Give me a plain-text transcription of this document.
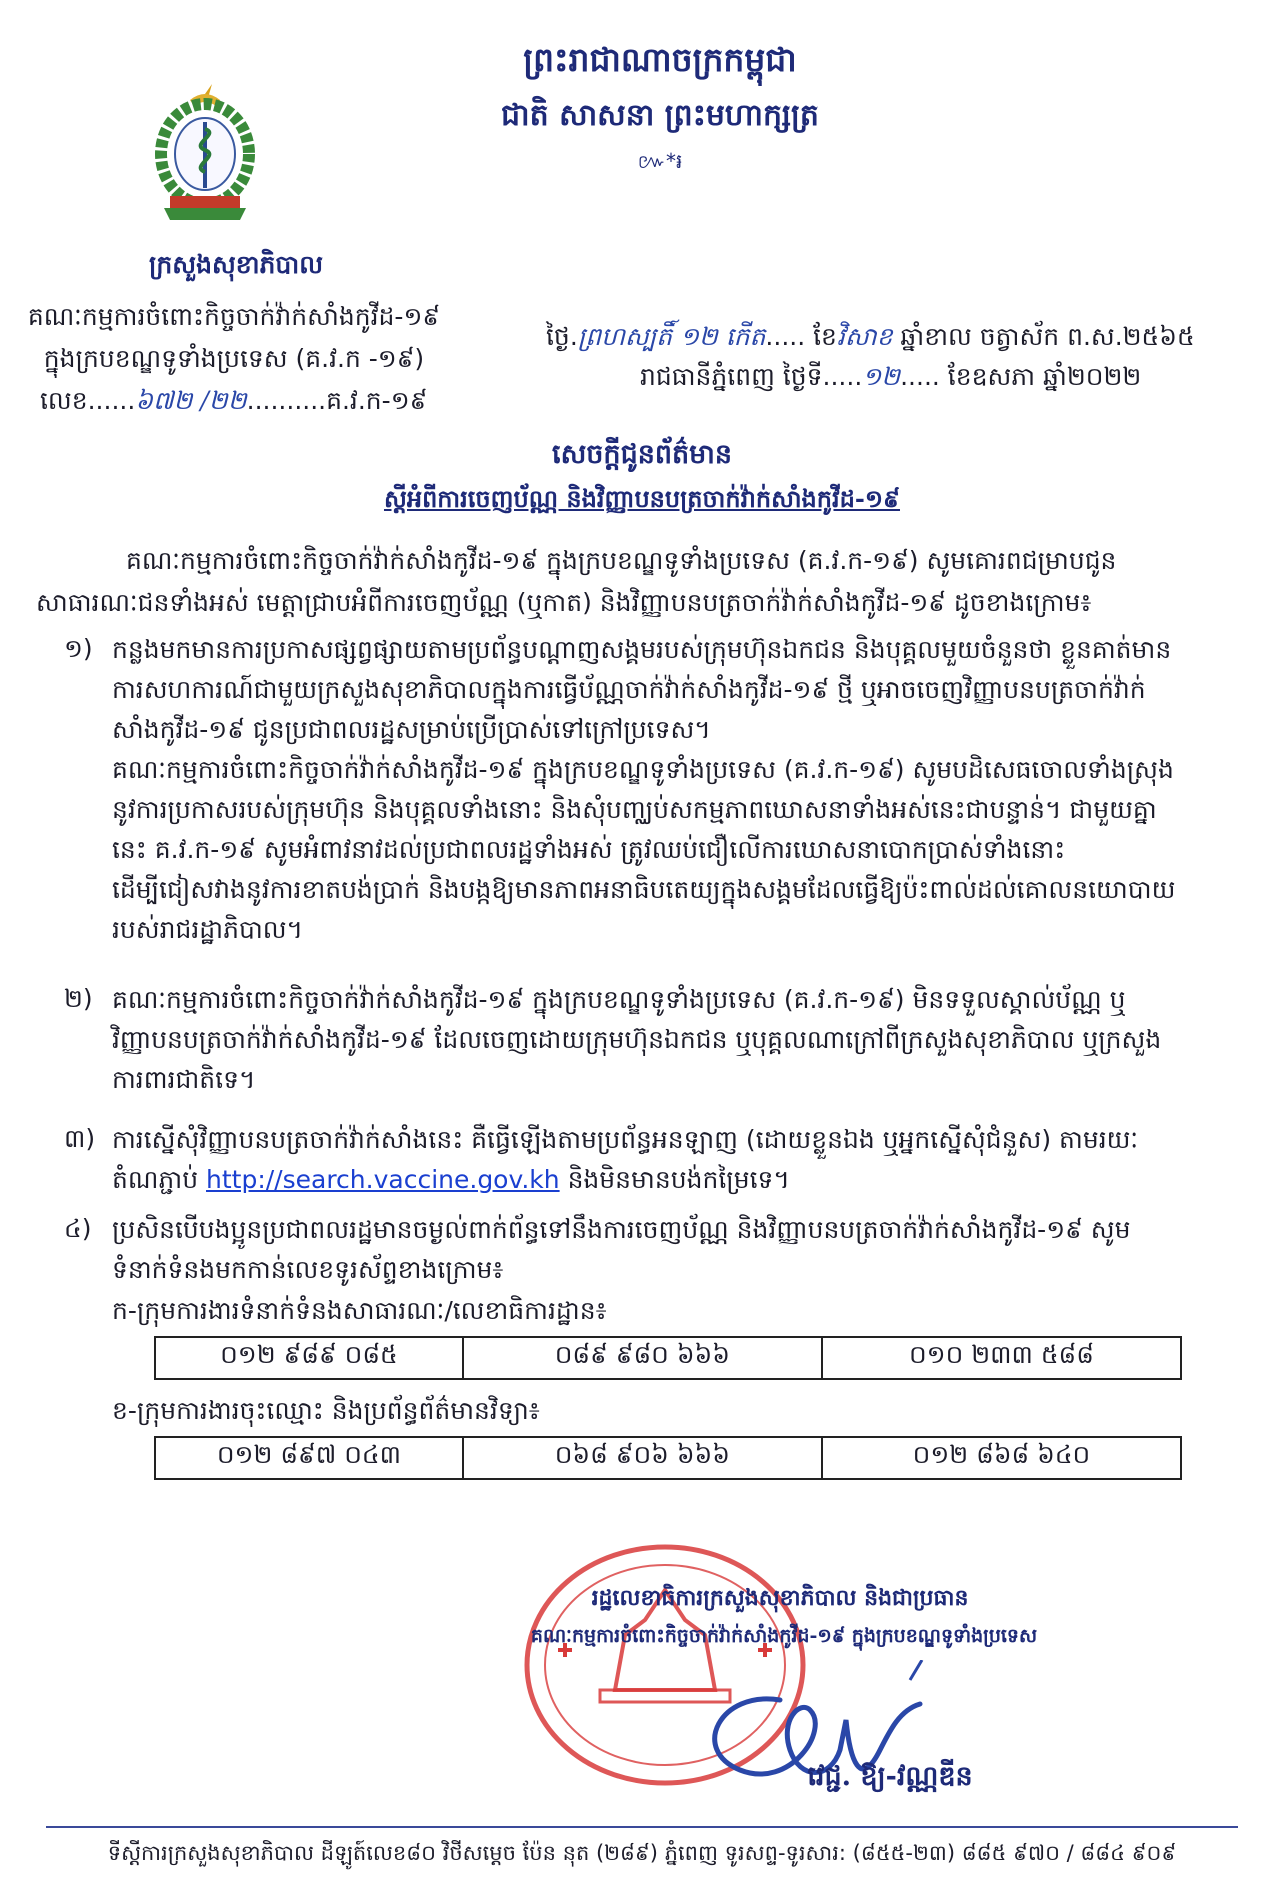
ព្រះរាជាណាចក្រកម្ពុជា
ជាតិ សាសនា ព្រះមហាក្សត្រ
៚*៛
ក្រសួងសុខាភិបាល
គណៈកម្មការចំពោះកិច្ចចាក់វ៉ាក់សាំងកូវីដ-១៩
ក្នុងក្របខណ្ឌទូទាំងប្រទេស (គ.វ.ក -១៩)
លេខ......៦៧២ /២២..........គ.វ.ក-១៩
ថ្ងៃ.ព្រហស្បតិ៍ ១២ កើត..... ខែវិសាខ ឆ្នាំខាល ចត្វាស័ក ព.ស.២៥៦៥
រាជធានីភ្នំពេញ ថ្ងៃទី.....១២..... ខែឧសភា ឆ្នាំ២០២២
សេចក្តីជូនព័ត៌មាន
ស្តីអំពីការចេញប័ណ្ណ និងវិញ្ញាបនបត្រចាក់វ៉ាក់សាំងកូវីដ-១៩
គណៈកម្មការចំពោះកិច្ចចាក់វ៉ាក់សាំងកូវីដ-១៩ ក្នុងក្របខណ្ឌទូទាំងប្រទេស (គ.វ.ក-១៩) សូមគោរពជម្រាបជូន
សាធារណៈជនទាំងអស់ មេត្តាជ្រាបអំពីការចេញប័ណ្ណ (ឬកាត) និងវិញ្ញាបនបត្រចាក់វ៉ាក់សាំងកូវីដ-១៩ ដូចខាងក្រោម៖
១) កន្លងមកមានការប្រកាសផ្សព្វផ្សាយតាមប្រព័ន្ធបណ្តាញសង្គមរបស់ក្រុមហ៊ុនឯកជន និងបុគ្គលមួយចំនួនថា ខ្លួនគាត់មានការសហការណ៍ជាមួយក្រសួងសុខាភិបាលក្នុងការធ្វើប័ណ្ណចាក់វ៉ាក់សាំងកូវីដ-១៩ ថ្មី ឬអាចចេញវិញ្ញាបនបត្រចាក់វ៉ាក់សាំងកូវីដ-១៩ ជូនប្រជាពលរដ្ឋសម្រាប់ប្រើប្រាស់ទៅក្រៅប្រទេស។
គណៈកម្មការចំពោះកិច្ចចាក់វ៉ាក់សាំងកូវីដ-១៩ ក្នុងក្របខណ្ឌទូទាំងប្រទេស (គ.វ.ក-១៩) សូមបដិសេធចោលទាំងស្រុងនូវការប្រកាសរបស់ក្រុមហ៊ុន និងបុគ្គលទាំងនោះ និងសុំបញ្ឈប់សកម្មភាពឃោសនាទាំងអស់នេះជាបន្ទាន់។ ជាមួយគ្នានេះ គ.វ.ក-១៩ សូមអំពាវនាវដល់ប្រជាពលរដ្ឋទាំងអស់ ត្រូវឈប់ជឿលើការឃោសនាបោកប្រាស់ទាំងនោះ ដើម្បីជៀសវាងនូវការខាតបង់ប្រាក់ និងបង្កឱ្យមានភាពអនាធិបតេយ្យក្នុងសង្គមដែលធ្វើឱ្យប៉ះពាល់ដល់គោលនយោបាយរបស់រាជរដ្ឋាភិបាល។
២) គណៈកម្មការចំពោះកិច្ចចាក់វ៉ាក់សាំងកូវីដ-១៩ ក្នុងក្របខណ្ឌទូទាំងប្រទេស (គ.វ.ក-១៩) មិនទទួលស្គាល់ប័ណ្ណ ឬវិញ្ញាបនបត្រចាក់វ៉ាក់សាំងកូវីដ-១៩ ដែលចេញដោយក្រុមហ៊ុនឯកជន ឬបុគ្គលណាក្រៅពីក្រសួងសុខាភិបាល ឬក្រសួងការពារជាតិទេ។
៣) ការស្នើសុំវិញ្ញាបនបត្រចាក់វ៉ាក់សាំងនេះ គឺធ្វើឡើងតាមប្រព័ន្ធអនឡាញ (ដោយខ្លួនឯង ឬអ្នកស្នើសុំជំនួស) តាមរយៈ
តំណភ្ជាប់ http://search.vaccine.gov.kh និងមិនមានបង់កម្រៃទេ។
៤) ប្រសិនបើបងប្អូនប្រជាពលរដ្ឋមានចម្ងល់ពាក់ព័ន្ធទៅនឹងការចេញប័ណ្ណ និងវិញ្ញាបនបត្រចាក់វ៉ាក់សាំងកូវីដ-១៩ សូមទំនាក់ទំនងមកកាន់លេខទូរស័ព្ទខាងក្រោម៖
ក-ក្រុមការងារទំនាក់ទំនងសាធារណៈ/លេខាធិការដ្ឋាន៖
០១២ ៩៨៩ ០៨៥	០៨៩ ៩៨០ ៦៦៦	០១០ ២៣៣ ៥៨៨
ខ-ក្រុមការងារចុះឈ្មោះ និងប្រព័ន្ធព័ត៌មានវិទ្យា៖
០១២ ៨៩៧ ០៤៣	០៦៨ ៩០៦ ៦៦៦	០១២ ៨៦៨ ៦៤០
រដ្ឋលេខាធិការក្រសួងសុខាភិបាល និងជាប្រធាន
គណៈកម្មការចំពោះកិច្ចចាក់វ៉ាក់សាំងកូវីដ-១៩ ក្នុងក្របខណ្ឌទូទាំងប្រទេស
វេជ្ជ. ឱ្យ-វណ្ណឌីន
ទីស្តីការក្រសួងសុខាភិបាល ដីឡូត៍លេខ៨០ វិថីសម្តេច ប៉ែន នុត (២៨៩) ភ្នំពេញ ទូរសព្ទ-ទូរសារ: (៨៥៥-២៣) ៨៨៥ ៩៧០ / ៨៨៤ ៩០៩
